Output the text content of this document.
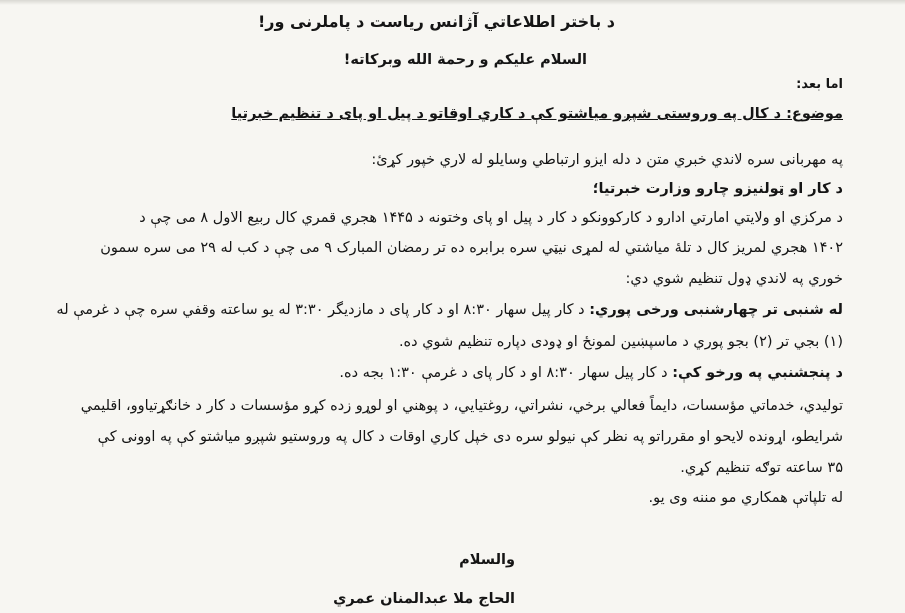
د باختر اطلاعاتي آژانس رياست د پاملرنی ور!
السلام علیکم و رحمة الله وبرکاته!
اما بعد:
موضوع: د کال په وروستی شپږو میاشتو کې د کاري اوقاتو د پیل او پای د تنظیم خبرتیا
په مهربانی سره لاندي خبري متن د دله ایزو ارتباطي وسایلو له لاري خپور کړئ:
د کار او ټولنیزو چارو وزارت خبرتیا؛
د مرکزي او ولایتي امارتي ادارو د کارکوونکو د کار د پیل او پای وختونه د ۱۴۴۵ هجري قمري کال ربیع الاول ۸ می چې د
۱۴۰۲ هجري لمریز کال د تلهٔ میاشتي له لمړی نیټي سره برابره ده تر رمضان المبارک ۹ می چې د کب له ۲۹ می سره سمون
خوري په لاندي ډول تنظیم شوي دي:
له شنبی تر چهارشنبی ورخی پوري: د کار پیل سهار ۸:۳۰ او د کار پای د مازدیگر ۳:۳۰ له یو ساعته وقفي سره چې د غرمې له
(۱) بجي تر (۲) بجو پوري د ماسپښین لمونځ او ډودی دپاره تنظیم شوي ده.
د پنجشنبي په ورخو کې: د کار پیل سهار ۸:۳۰ او د کار پای د غرمې ۱:۳۰ بجه ده.
تولیدي، خدماتي مؤسسات، دایماً فعالي برخي، نشراتي، روغتیایي، د پوهني او لوړو زده کړو مؤسسات د کار د خانګړتیاوو، اقلیمي
شرایطو، اړونده لایحو او مقرراتو په نظر کې نیولو سره دی خپل کاري اوقات د کال په وروستیو شپږو میاشتو کې په اوونی کې
۳۵ ساعته توګه تنظیم کړي.
له تلپاتې همکاري مو مننه وی یو.
والسلام
الحاج ملا عبدالمنان عمري
